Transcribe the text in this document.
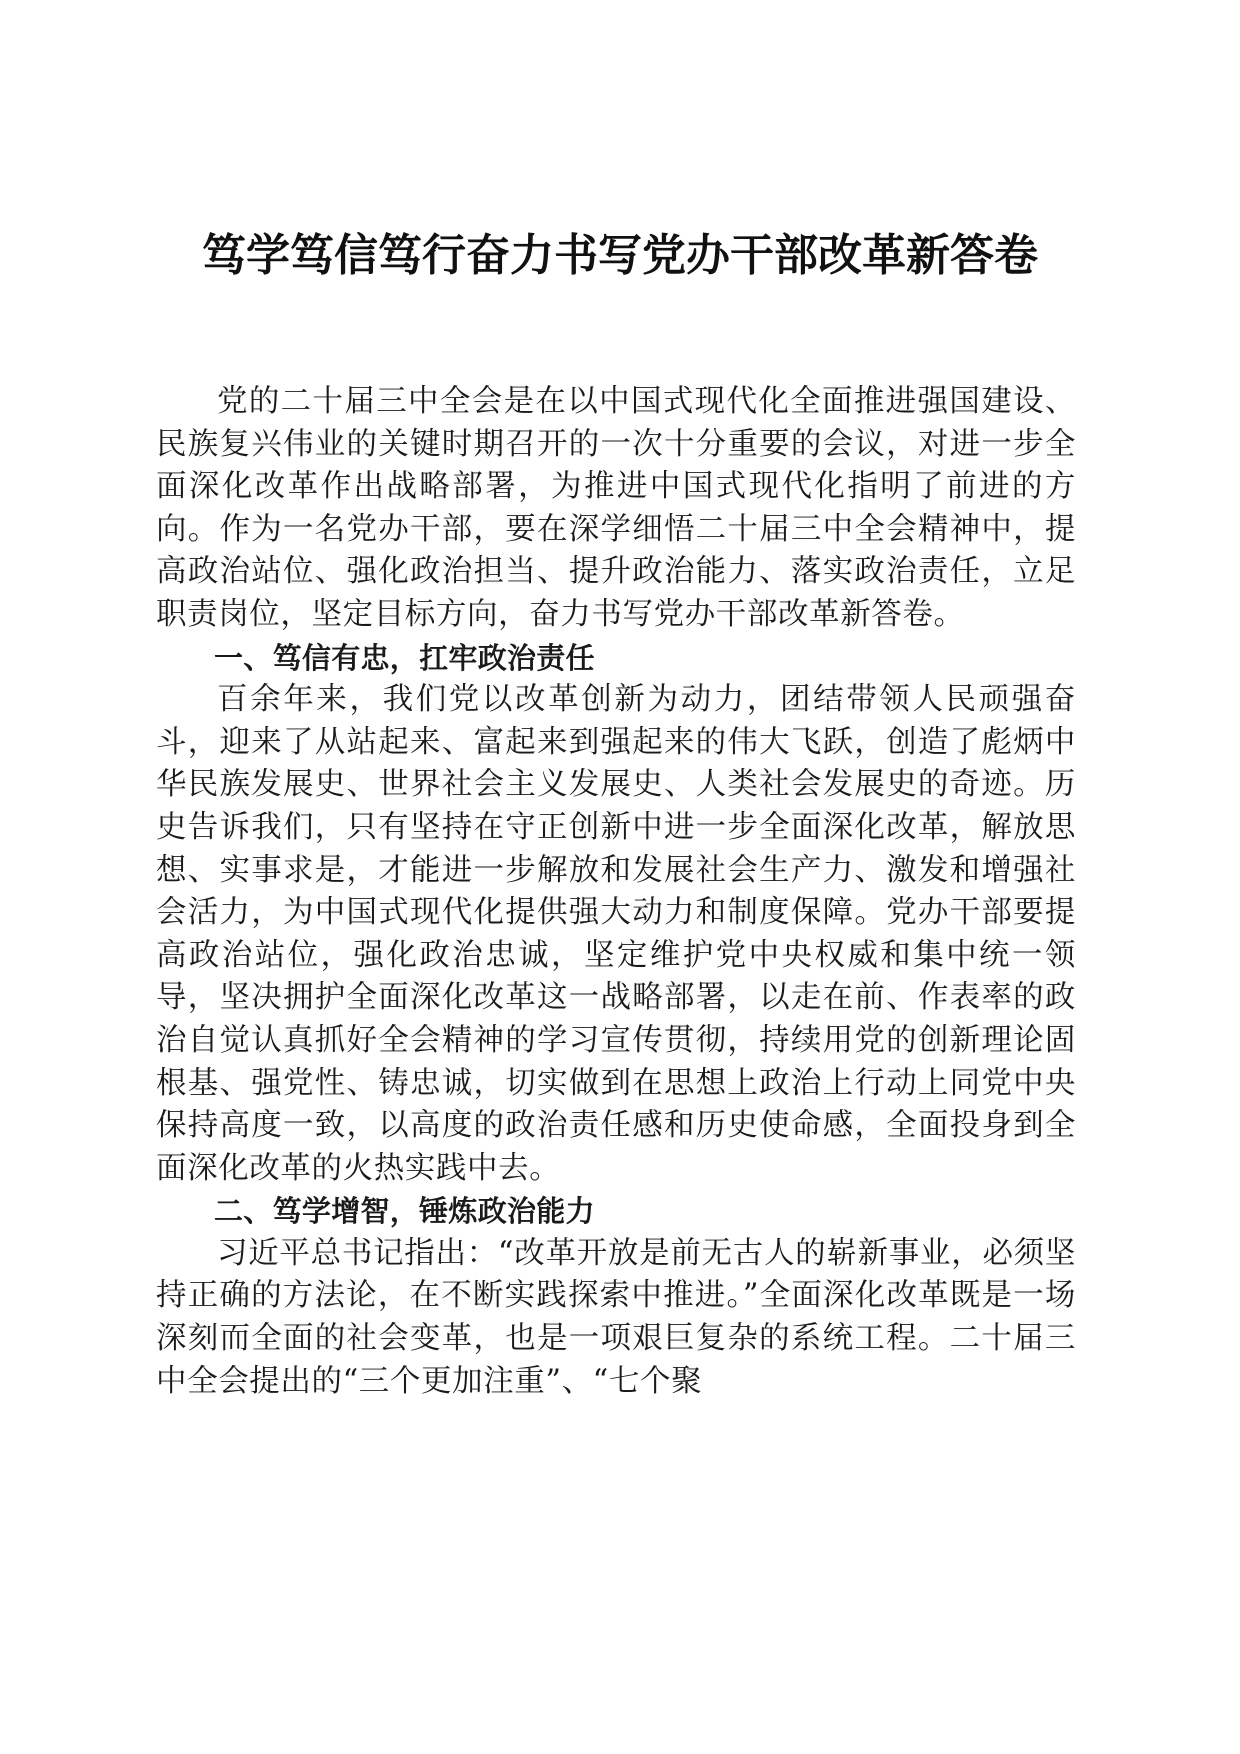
笃学笃信笃行奋力书写党办干部改革新答卷

党的二十届三中全会是在以中国式现代化全面推进强国建设、民族复兴伟业的关键时期召开的一次十分重要的会议，对进一步全面深化改革作出战略部署，为推进中国式现代化指明了前进的方向。作为一名党办干部，要在深学细悟二十届三中全会精神中，提高政治站位、强化政治担当、提升政治能力、落实政治责任，立足职责岗位，坚定目标方向，奋力书写党办干部改革新答卷。

一、笃信有忠，扛牢政治责任

百余年来，我们党以改革创新为动力，团结带领人民顽强奋斗，迎来了从站起来、富起来到强起来的伟大飞跃，创造了彪炳中华民族发展史、世界社会主义发展史、人类社会发展史的奇迹。历史告诉我们，只有坚持在守正创新中进一步全面深化改革，解放思想、实事求是，才能进一步解放和发展社会生产力、激发和增强社会活力，为中国式现代化提供强大动力和制度保障。党办干部要提高政治站位，强化政治忠诚，坚定维护党中央权威和集中统一领导，坚决拥护全面深化改革这一战略部署，以走在前、作表率的政治自觉认真抓好全会精神的学习宣传贯彻，持续用党的创新理论固根基、强党性、铸忠诚，切实做到在思想上政治上行动上同党中央保持高度一致，以高度的政治责任感和历史使命感，全面投身到全面深化改革的火热实践中去。

二、笃学增智，锤炼政治能力

习近平总书记指出：“改革开放是前无古人的崭新事业，必须坚持正确的方法论，在不断实践探索中推进。”全面深化改革既是一场深刻而全面的社会变革，也是一项艰巨复杂的系统工程。二十届三中全会提出的“三个更加注重”、“七个聚
